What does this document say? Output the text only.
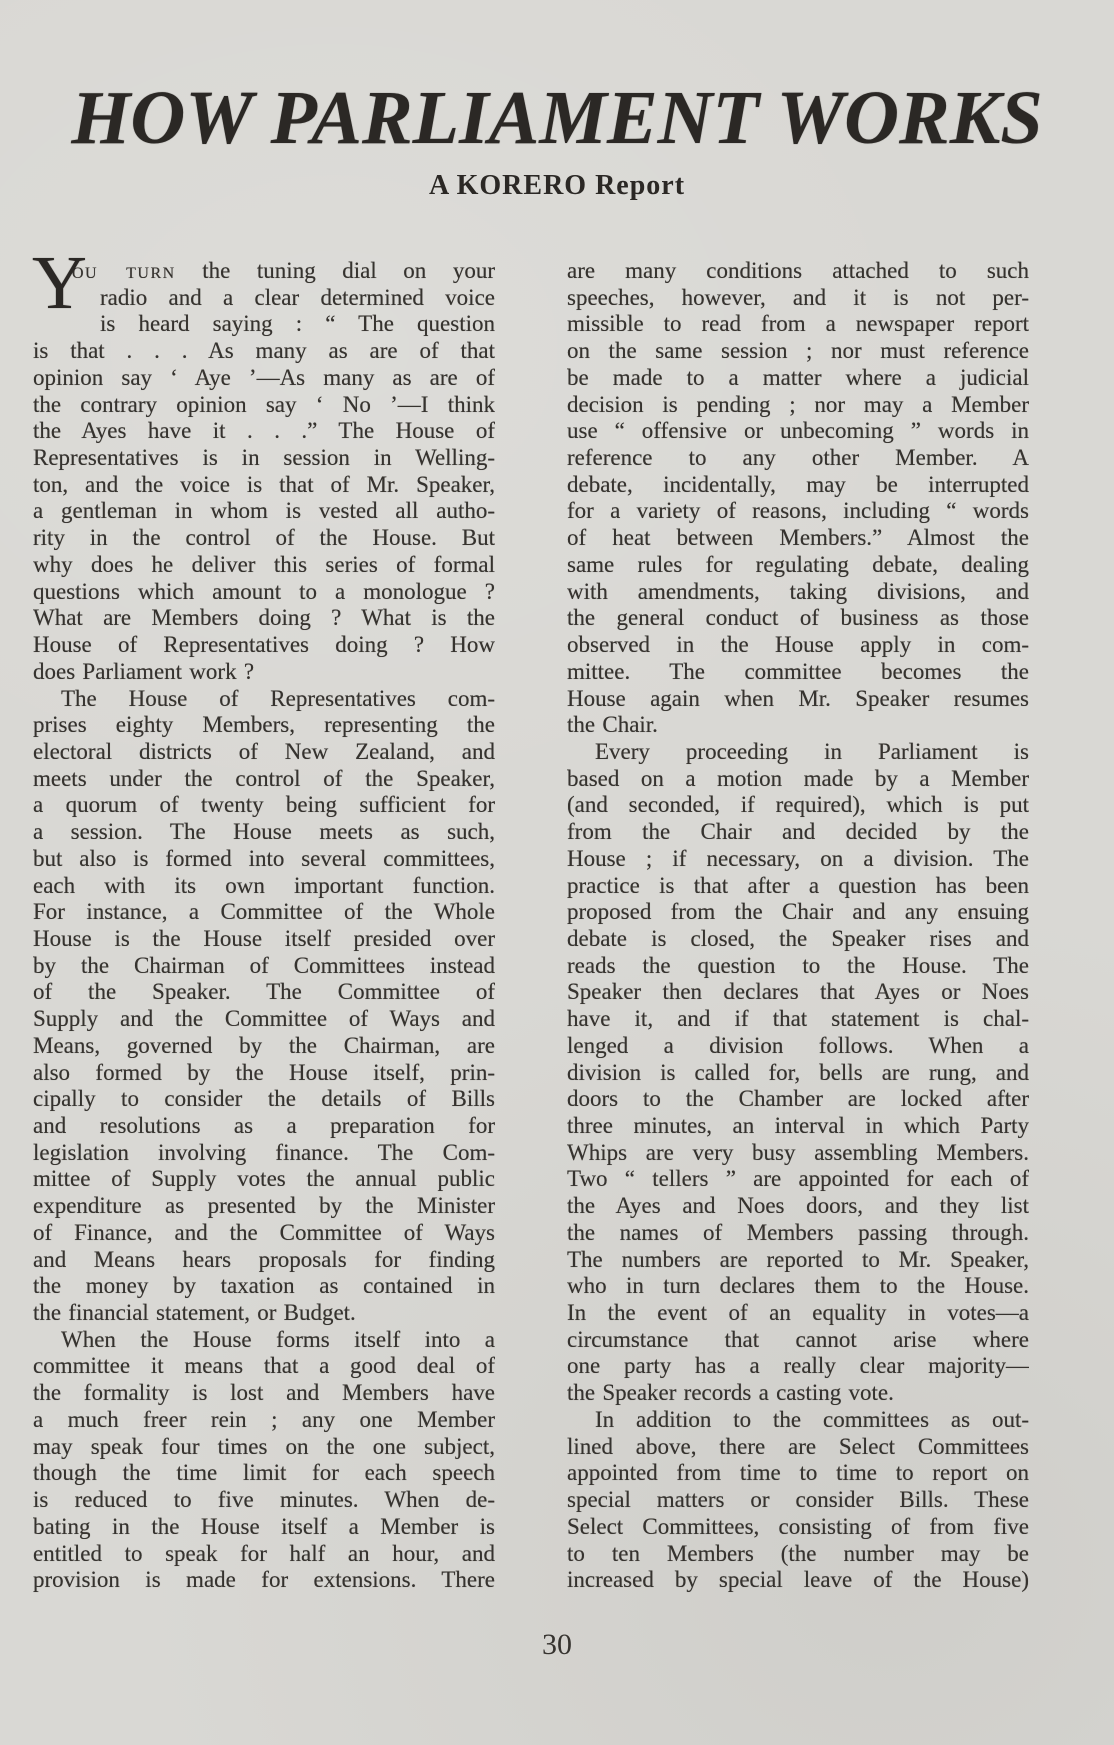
HOW PARLIAMENT WORKS
A KORERO Report
Y
ou turn the tuning dial on your
radio and a clear determined voice
is heard saying : “ The question
is that . . . As many as are of that
opinion say ‘ Aye ’—As many as are of
the contrary opinion say ‘ No ’—I think
the Ayes have it . . .” The House of
Representatives is in session in Welling-
ton, and the voice is that of Mr. Speaker,
a gentleman in whom is vested all autho-
rity in the control of the House. But
why does he deliver this series of formal
questions which amount to a monologue ?
What are Members doing ? What is the
House of Representatives doing ? How
does Parliament work ?
The House of Representatives com-
prises eighty Members, representing the
electoral districts of New Zealand, and
meets under the control of the Speaker,
a quorum of twenty being sufficient for
a session. The House meets as such,
but also is formed into several committees,
each with its own important function.
For instance, a Committee of the Whole
House is the House itself presided over
by the Chairman of Committees instead
of the Speaker. The Committee of
Supply and the Committee of Ways and
Means, governed by the Chairman, are
also formed by the House itself, prin-
cipally to consider the details of Bills
and resolutions as a preparation for
legislation involving finance. The Com-
mittee of Supply votes the annual public
expenditure as presented by the Minister
of Finance, and the Committee of Ways
and Means hears proposals for finding
the money by taxation as contained in
the financial statement, or Budget.
When the House forms itself into a
committee it means that a good deal of
the formality is lost and Members have
a much freer rein ; any one Member
may speak four times on the one subject,
though the time limit for each speech
is reduced to five minutes. When de-
bating in the House itself a Member is
entitled to speak for half an hour, and
provision is made for extensions. There
are many conditions attached to such
speeches, however, and it is not per-
missible to read from a newspaper report
on the same session ; nor must reference
be made to a matter where a judicial
decision is pending ; nor may a Member
use “ offensive or unbecoming ” words in
reference to any other Member. A
debate, incidentally, may be interrupted
for a variety of reasons, including “ words
of heat between Members.” Almost the
same rules for regulating debate, dealing
with amendments, taking divisions, and
the general conduct of business as those
observed in the House apply in com-
mittee. The committee becomes the
House again when Mr. Speaker resumes
the Chair.
Every proceeding in Parliament is
based on a motion made by a Member
(and seconded, if required), which is put
from the Chair and decided by the
House ; if necessary, on a division. The
practice is that after a question has been
proposed from the Chair and any ensuing
debate is closed, the Speaker rises and
reads the question to the House. The
Speaker then declares that Ayes or Noes
have it, and if that statement is chal-
lenged a division follows. When a
division is called for, bells are rung, and
doors to the Chamber are locked after
three minutes, an interval in which Party
Whips are very busy assembling Members.
Two “ tellers ” are appointed for each of
the Ayes and Noes doors, and they list
the names of Members passing through.
The numbers are reported to Mr. Speaker,
who in turn declares them to the House.
In the event of an equality in votes—a
circumstance that cannot arise where
one party has a really clear majority—
the Speaker records a casting vote.
In addition to the committees as out-
lined above, there are Select Committees
appointed from time to time to report on
special matters or consider Bills. These
Select Committees, consisting of from five
to ten Members (the number may be
increased by special leave of the House)
30
